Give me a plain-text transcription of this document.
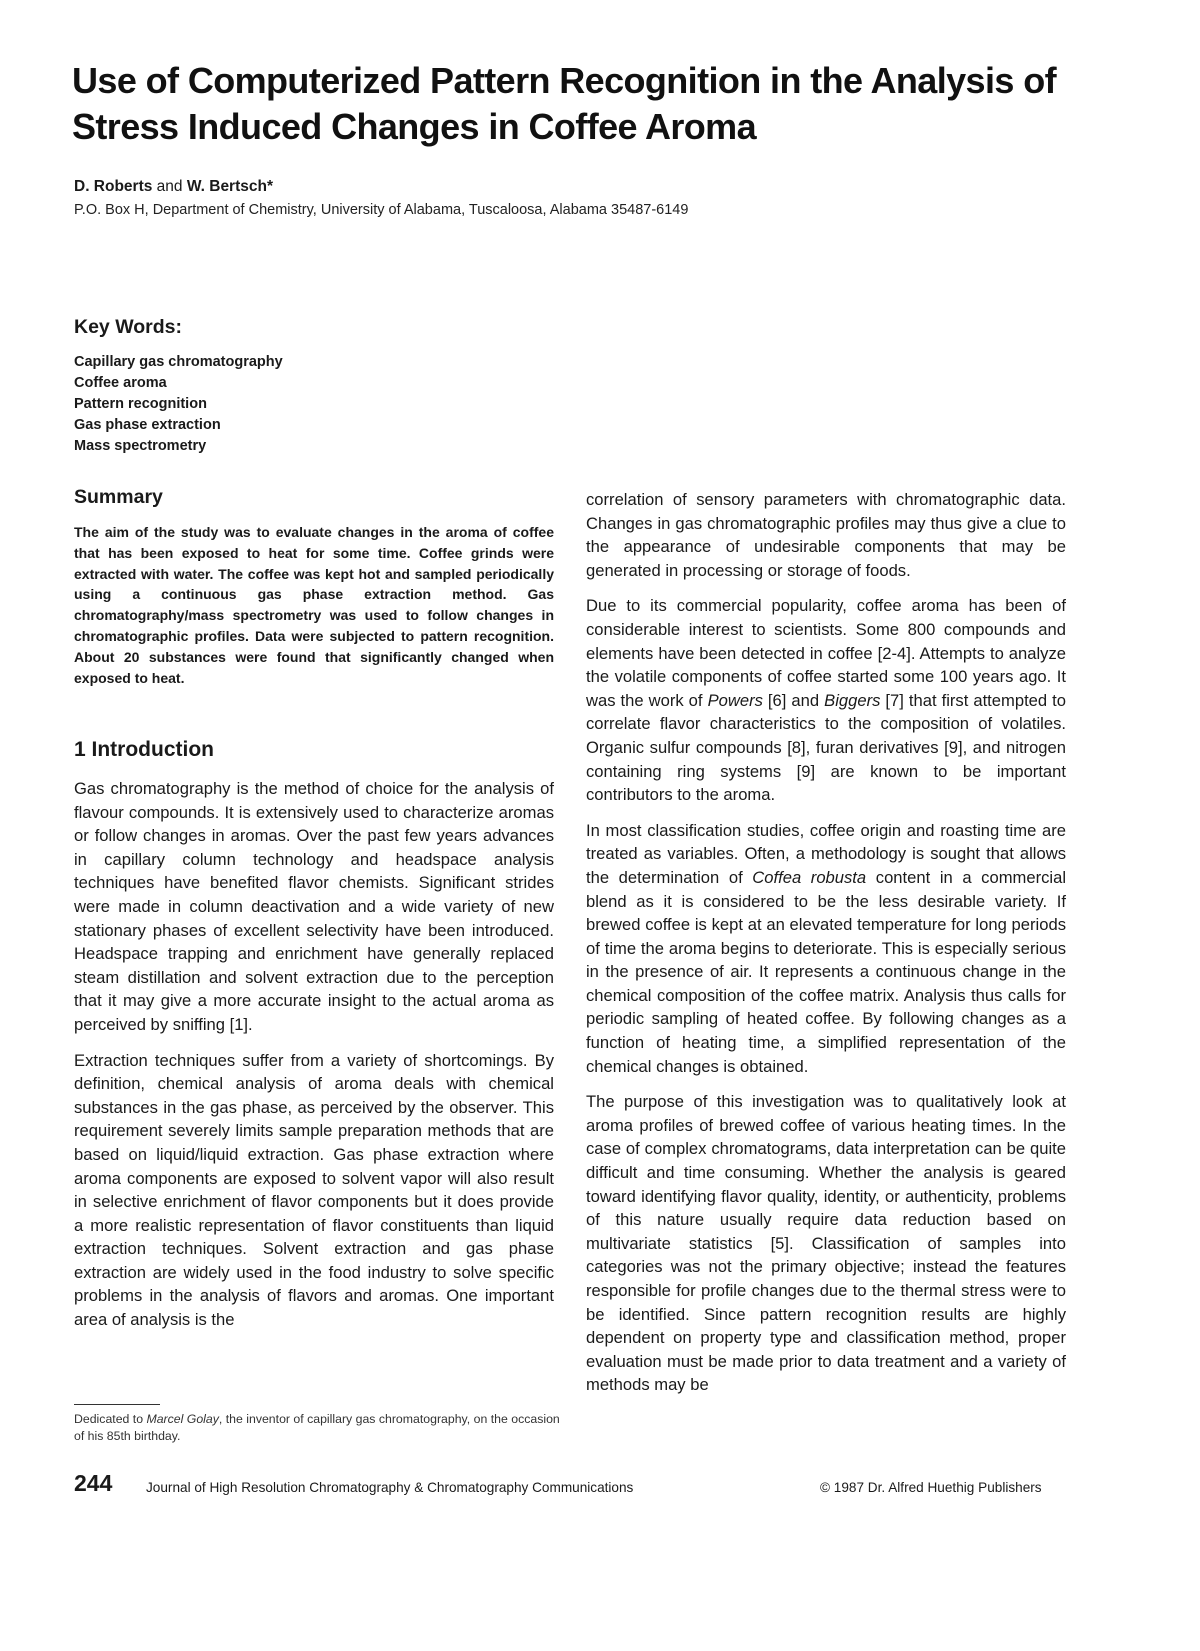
Use of Computerized Pattern Recognition in the Analysis of Stress Induced Changes in Coffee Aroma
D. Roberts and W. Bertsch*
P.O. Box H, Department of Chemistry, University of Alabama, Tuscaloosa, Alabama 35487-6149
Key Words:
Capillary gas chromatography
Coffee aroma
Pattern recognition
Gas phase extraction
Mass spectrometry
Summary

The aim of the study was to evaluate changes in the aroma of coffee that has been exposed to heat for some time. Coffee grinds were extracted with water. The coffee was kept hot and sampled periodically using a continuous gas phase extraction method. Gas chromatography/mass spectrometry was used to follow changes in chromatographic profiles. Data were subjected to pattern recognition. About 20 substances were found that significantly changed when exposed to heat.

1 Introduction

Gas chromatography is the method of choice for the analysis of flavour compounds. It is extensively used to characterize aromas or follow changes in aromas. Over the past few years advances in capillary column technology and headspace analysis techniques have benefited flavor chemists. Significant strides were made in column deactivation and a wide variety of new stationary phases of excellent selectivity have been introduced. Headspace trapping and enrichment have generally replaced steam distillation and solvent extraction due to the perception that it may give a more accurate insight to the actual aroma as perceived by sniffing [1].

Extraction techniques suffer from a variety of shortcomings. By definition, chemical analysis of aroma deals with chemical substances in the gas phase, as perceived by the observer. This requirement severely limits sample preparation methods that are based on liquid/liquid extraction. Gas phase extraction where aroma components are exposed to solvent vapor will also result in selective enrichment of flavor components but it does provide a more realistic representation of flavor constituents than liquid extraction techniques. Solvent extraction and gas phase extraction are widely used in the food industry to solve specific problems in the analysis of flavors and aromas. One important area of analysis is the

correlation of sensory parameters with chromatographic data. Changes in gas chromatographic profiles may thus give a clue to the appearance of undesirable components that may be generated in processing or storage of foods.

Due to its commercial popularity, coffee aroma has been of considerable interest to scientists. Some 800 compounds and elements have been detected in coffee [2-4]. Attempts to analyze the volatile components of coffee started some 100 years ago. It was the work of Powers [6] and Biggers [7] that first attempted to correlate flavor characteristics to the composition of volatiles. Organic sulfur compounds [8], furan derivatives [9], and nitrogen containing ring systems [9] are known to be important contributors to the aroma.

In most classification studies, coffee origin and roasting time are treated as variables. Often, a methodology is sought that allows the determination of Coffea robusta content in a commercial blend as it is considered to be the less desirable variety. If brewed coffee is kept at an elevated temperature for long periods of time the aroma begins to deteriorate. This is especially serious in the presence of air. It represents a continuous change in the chemical composition of the coffee matrix. Analysis thus calls for periodic sampling of heated coffee. By following changes as a function of heating time, a simplified representation of the chemical changes is obtained.

The purpose of this investigation was to qualitatively look at aroma profiles of brewed coffee of various heating times. In the case of complex chromatograms, data interpretation can be quite difficult and time consuming. Whether the analysis is geared toward identifying flavor quality, identity, or authenticity, problems of this nature usually require data reduction based on multivariate statistics [5]. Classification of samples into categories was not the primary objective; instead the features responsible for profile changes due to the thermal stress were to be identified. Since pattern recognition results are highly dependent on property type and classification method, proper evaluation must be made prior to data treatment and a variety of methods may be

Dedicated to Marcel Golay, the inventor of capillary gas chromatography, on the occasion of his 85th birthday.

244 Journal of High Resolution Chromatography & Chromatography Communications	© 1987 Dr. Alfred Huethig Publishers
